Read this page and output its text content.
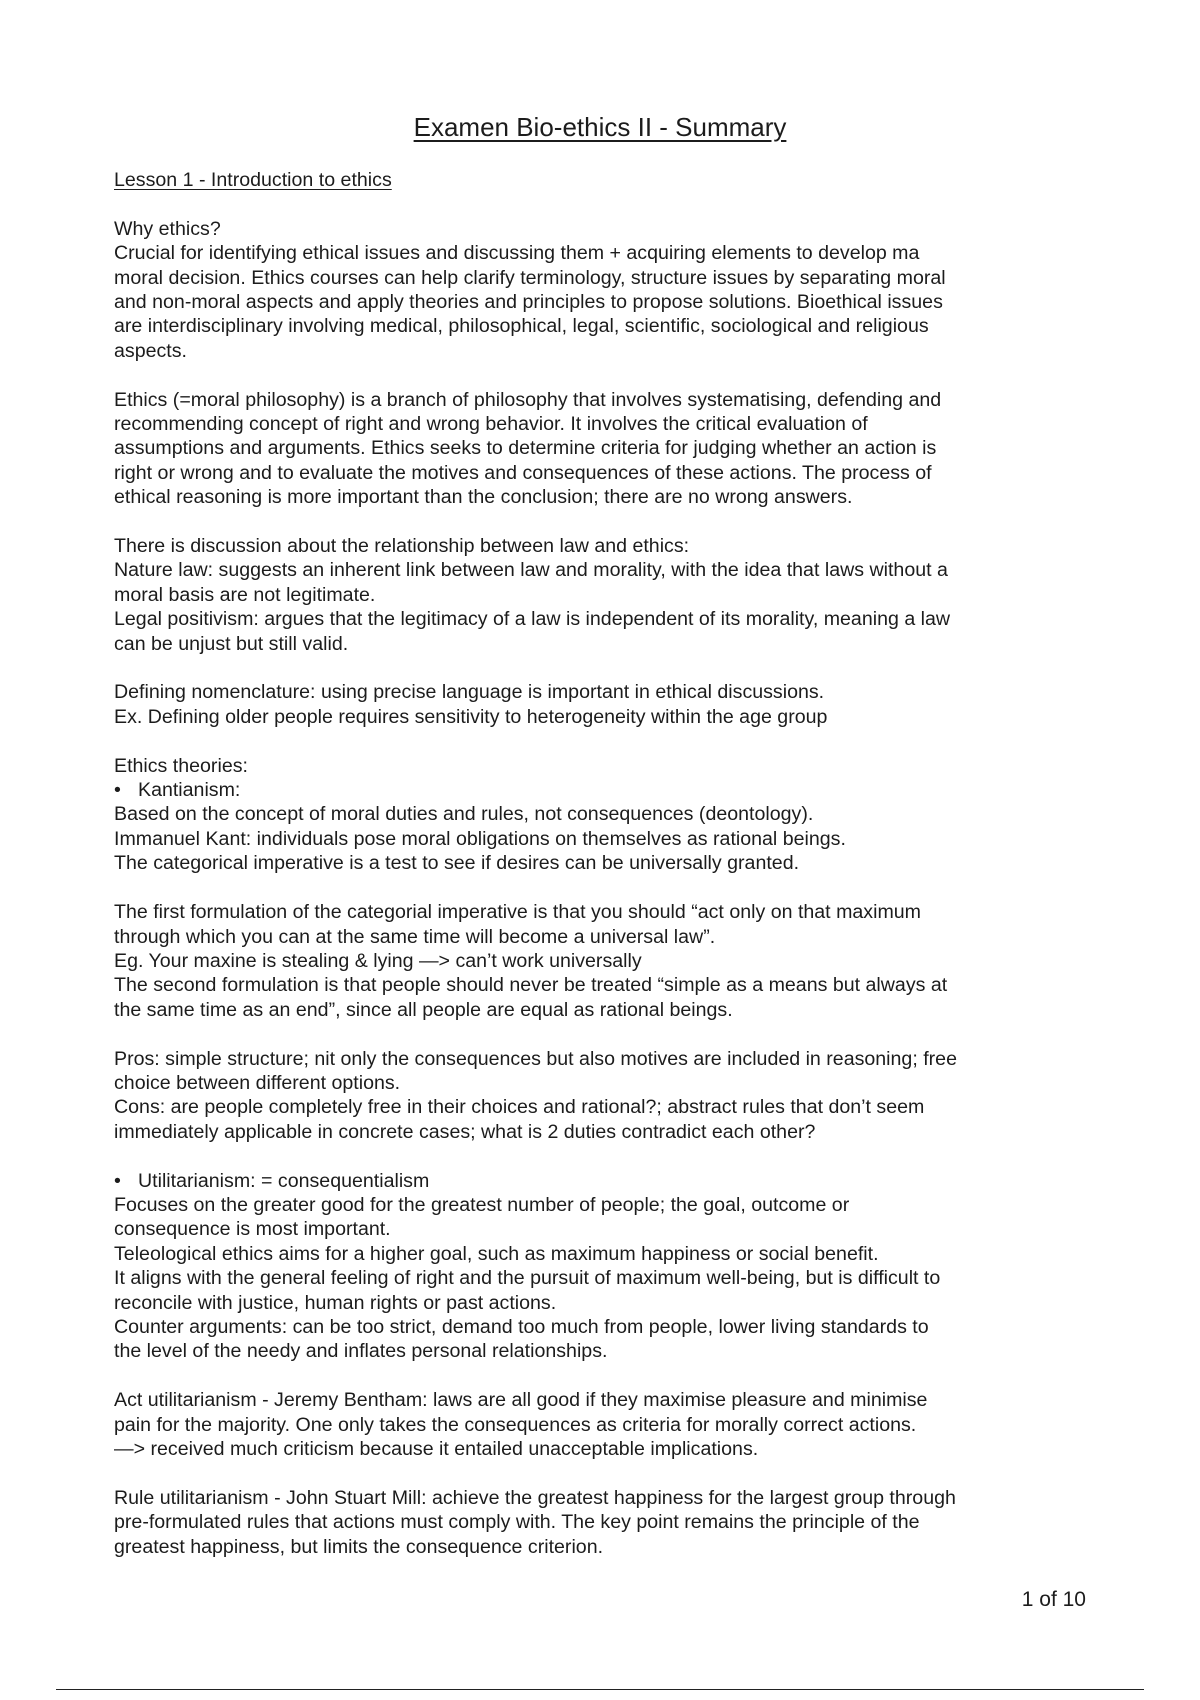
Examen Bio-ethics II - Summary

Lesson 1 - Introduction to ethics

Why ethics?
Crucial for identifying ethical issues and discussing them + acquiring elements to develop ma
moral decision. Ethics courses can help clarify terminology, structure issues by separating moral
and non-moral aspects and apply theories and principles to propose solutions. Bioethical issues
are interdisciplinary involving medical, philosophical, legal, scientific, sociological and religious
aspects.
Ethics (=moral philosophy) is a branch of philosophy that involves systematising, defending and
recommending concept of right and wrong behavior. It involves the critical evaluation of
assumptions and arguments. Ethics seeks to determine criteria for judging whether an action is
right or wrong and to evaluate the motives and consequences of these actions. The process of
ethical reasoning is more important than the conclusion; there are no wrong answers.
There is discussion about the relationship between law and ethics:
Nature law: suggests an inherent link between law and morality, with the idea that laws without a
moral basis are not legitimate.
Legal positivism: argues that the legitimacy of a law is independent of its morality, meaning a law
can be unjust but still valid.
Defining nomenclature: using precise language is important in ethical discussions.
Ex. Defining older people requires sensitivity to heterogeneity within the age group
Ethics theories:
• Kantianism:
Based on the concept of moral duties and rules, not consequences (deontology).
Immanuel Kant: individuals pose moral obligations on themselves as rational beings.
The categorical imperative is a test to see if desires can be universally granted.
The first formulation of the categorial imperative is that you should “act only on that maximum
through which you can at the same time will become a universal law”.
Eg. Your maxine is stealing & lying —> can’t work universally
The second formulation is that people should never be treated “simple as a means but always at
the same time as an end”, since all people are equal as rational beings.
Pros: simple structure; nit only the consequences but also motives are included in reasoning; free
choice between different options.
Cons: are people completely free in their choices and rational?; abstract rules that don’t seem
immediately applicable in concrete cases; what is 2 duties contradict each other?
• Utilitarianism: = consequentialism
Focuses on the greater good for the greatest number of people; the goal, outcome or
consequence is most important.
Teleological ethics aims for a higher goal, such as maximum happiness or social benefit.
It aligns with the general feeling of right and the pursuit of maximum well-being, but is difficult to
reconcile with justice, human rights or past actions.
Counter arguments: can be too strict, demand too much from people, lower living standards to
the level of the needy and inflates personal relationships.
Act utilitarianism - Jeremy Bentham: laws are all good if they maximise pleasure and minimise
pain for the majority. One only takes the consequences as criteria for morally correct actions.
—> received much criticism because it entailed unacceptable implications.
Rule utilitarianism - John Stuart Mill: achieve the greatest happiness for the largest group through
pre-formulated rules that actions must comply with. The key point remains the principle of the
greatest happiness, but limits the consequence criterion.
1 of 10
